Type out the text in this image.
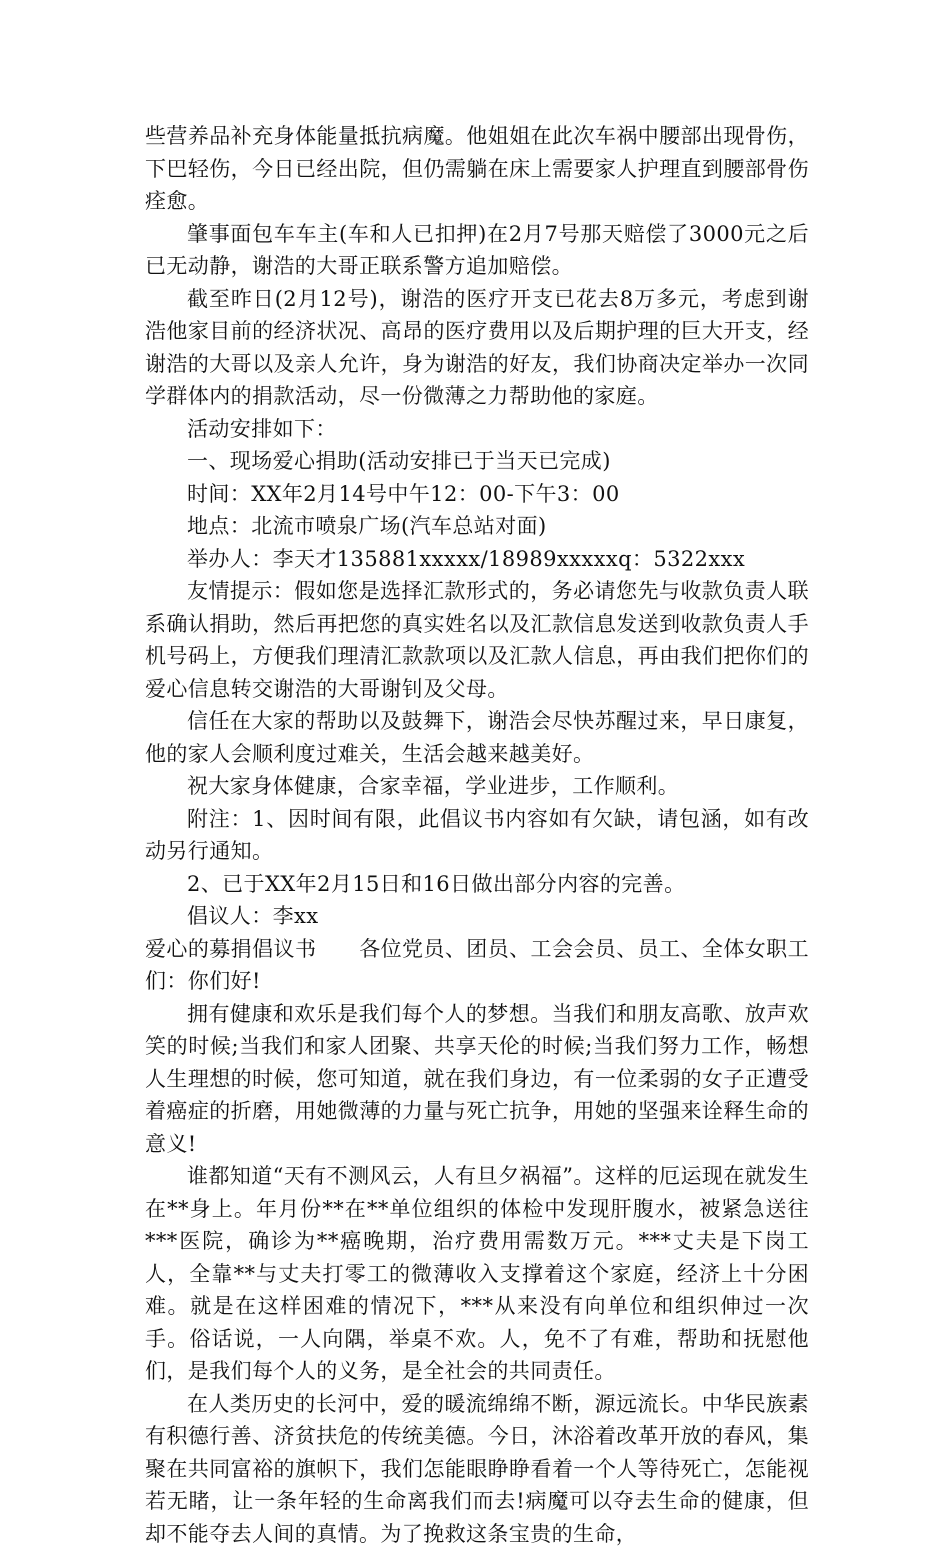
些营养品补充身体能量抵抗病魔。他姐姐在此次车祸中腰部出现骨伤，下巴轻伤，今日已经出院，但仍需躺在床上需要家人护理直到腰部骨伤痊愈。

肇事面包车车主(车和人已扣押)在2月7号那天赔偿了3000元之后已无动静，谢浩的大哥正联系警方追加赔偿。

截至昨日(2月12号)，谢浩的医疗开支已花去8万多元，考虑到谢浩他家目前的经济状况、高昂的医疗费用以及后期护理的巨大开支，经谢浩的大哥以及亲人允许，身为谢浩的好友，我们协商决定举办一次同学群体内的捐款活动，尽一份微薄之力帮助他的家庭。

活动安排如下：

一、现场爱心捐助(活动安排已于当天已完成)

时间：XX年2月14号中午12：00-下午3：00

地点：北流市喷泉广场(汽车总站对面)

举办人：李天才135881xxxxx/18989xxxxxq：5322xxx

友情提示：假如您是选择汇款形式的，务必请您先与收款负责人联系确认捐助，然后再把您的真实姓名以及汇款信息发送到收款负责人手机号码上，方便我们理清汇款款项以及汇款人信息，再由我们把你们的爱心信息转交谢浩的大哥谢钊及父母。

信任在大家的帮助以及鼓舞下，谢浩会尽快苏醒过来，早日康复，他的家人会顺利度过难关，生活会越来越美好。

祝大家身体健康，合家幸福，学业进步，工作顺利。

附注：1、因时间有限，此倡议书内容如有欠缺，请包涵，如有改动另行通知。

2、已于XX年2月15日和16日做出部分内容的完善。

倡议人：李xx

爱心的募捐倡议书　　各位党员、团员、工会会员、员工、全体女职工们：你们好!

拥有健康和欢乐是我们每个人的梦想。当我们和朋友高歌、放声欢笑的时候;当我们和家人团聚、共享天伦的时候;当我们努力工作，畅想人生理想的时候，您可知道，就在我们身边，有一位柔弱的女子正遭受着癌症的折磨，用她微薄的力量与死亡抗争，用她的坚强来诠释生命的意义!

谁都知道“天有不测风云，人有旦夕祸福”。这样的厄运现在就发生在**身上。年月份**在**单位组织的体检中发现肝腹水，被紧急送往***医院，确诊为**癌晚期，治疗费用需数万元。***丈夫是下岗工人，全靠**与丈夫打零工的微薄收入支撑着这个家庭，经济上十分困难。就是在这样困难的情况下，***从来没有向单位和组织伸过一次手。俗话说，一人向隅，举桌不欢。人，免不了有难，帮助和抚慰他们，是我们每个人的义务，是全社会的共同责任。

在人类历史的长河中，爱的暖流绵绵不断，源远流长。中华民族素有积德行善、济贫扶危的传统美德。今日，沐浴着改革开放的春风，集聚在共同富裕的旗帜下，我们怎能眼睁睁看着一个人等待死亡，怎能视若无睹，让一条年轻的生命离我们而去!病魔可以夺去生命的健康，但却不能夺去人间的真情。为了挽救这条宝贵的生命，
